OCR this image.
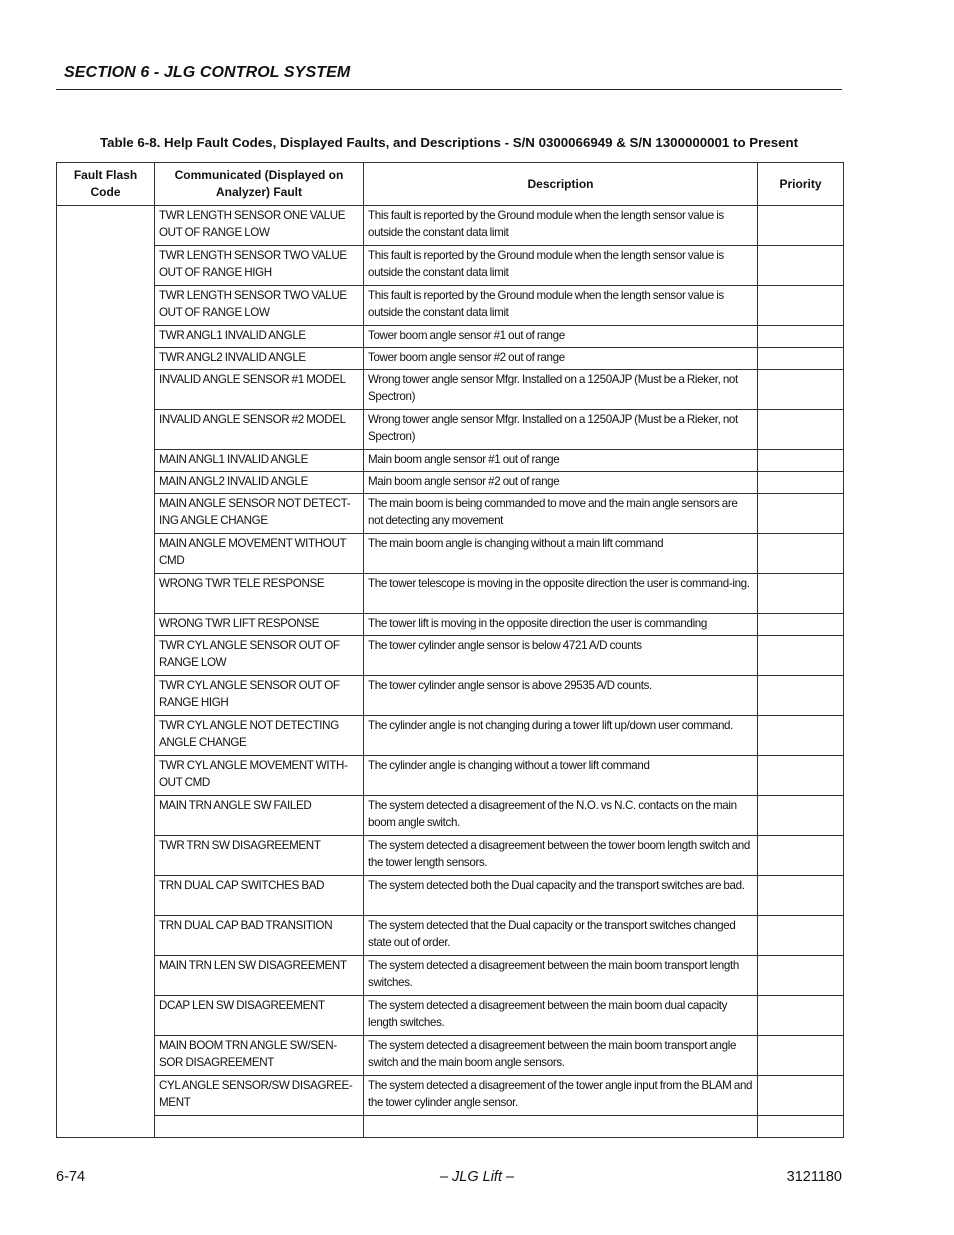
SECTION 6 - JLG CONTROL SYSTEM
Table 6-8. Help Fault Codes, Displayed Faults, and Descriptions - S/N 0300066949 & S/N 1300000001 to Present
Fault Flash Code	Communicated (Displayed on Analyzer) Fault	Description	Priority
	TWR LENGTH SENSOR ONE VALUE OUT OF RANGE LOW	This fault is reported by the Ground module when the length sensor value is outside the constant data limit	
	TWR LENGTH SENSOR TWO VALUE OUT OF RANGE HIGH	This fault is reported by the Ground module when the length sensor value is outside the constant data limit	
	TWR LENGTH SENSOR TWO VALUE OUT OF RANGE LOW	This fault is reported by the Ground module when the length sensor value is outside the constant data limit	
	TWR ANGL1 INVALID ANGLE	Tower boom angle sensor #1 out of range	
	TWR ANGL2 INVALID ANGLE	Tower boom angle sensor #2 out of range	
	INVALID ANGLE SENSOR #1 MODEL	Wrong tower angle sensor Mfgr. Installed on a 1250AJP (Must be a Rieker, not Spectron)	
	INVALID ANGLE SENSOR #2 MODEL	Wrong tower angle sensor Mfgr. Installed on a 1250AJP (Must be a Rieker, not Spectron)	
	MAIN ANGL1 INVALID ANGLE	Main boom angle sensor #1 out of range	
	MAIN ANGL2 INVALID ANGLE	Main boom angle sensor #2 out of range	
	MAIN ANGLE SENSOR NOT DETECT-ING ANGLE CHANGE	The main boom is being commanded to move and the main angle sensors are not detecting any movement	
	MAIN ANGLE MOVEMENT WITHOUT CMD	The main boom angle is changing without a main lift command	
	WRONG TWR TELE RESPONSE	The tower telescope is moving in the opposite direction the user is command-ing.	
	WRONG TWR LIFT RESPONSE	The tower lift is moving in the opposite direction the user is commanding	
	TWR CYL ANGLE SENSOR OUT OF RANGE LOW	The tower cylinder angle sensor is below 4721 A/D counts	
	TWR CYL ANGLE SENSOR OUT OF RANGE HIGH	The tower cylinder angle sensor is above 29535 A/D counts.	
	TWR CYL ANGLE NOT DETECTING ANGLE CHANGE	The cylinder angle is not changing during a tower lift up/down user command.	
	TWR CYL ANGLE MOVEMENT WITH-OUT CMD	The cylinder angle is changing without a tower lift command	
	MAIN TRN ANGLE SW FAILED	The system detected a disagreement of the N.O. vs N.C. contacts on the main boom angle switch.	
	TWR TRN SW DISAGREEMENT	The system detected a disagreement between the tower boom length switch and the tower length sensors.	
	TRN DUAL CAP SWITCHES BAD	The system detected both the Dual capacity and the transport switches are bad.	
	TRN DUAL CAP BAD TRANSITION	The system detected that the Dual capacity or the transport switches changed state out of order.	
	MAIN TRN LEN SW DISAGREEMENT	The system detected a disagreement between the main boom transport length switches.	
	DCAP LEN SW DISAGREEMENT	The system detected a disagreement between the main boom dual capacity length switches.	
	MAIN BOOM TRN ANGLE SW/SEN-SOR DISAGREEMENT	The system detected a disagreement between the main boom transport angle switch and the main boom angle sensors.	
	CYL ANGLE SENSOR/SW DISAGREE-MENT	The system detected a disagreement of the tower angle input from the BLAM and the tower cylinder angle sensor.	

6-74	– JLG Lift –	3121180
